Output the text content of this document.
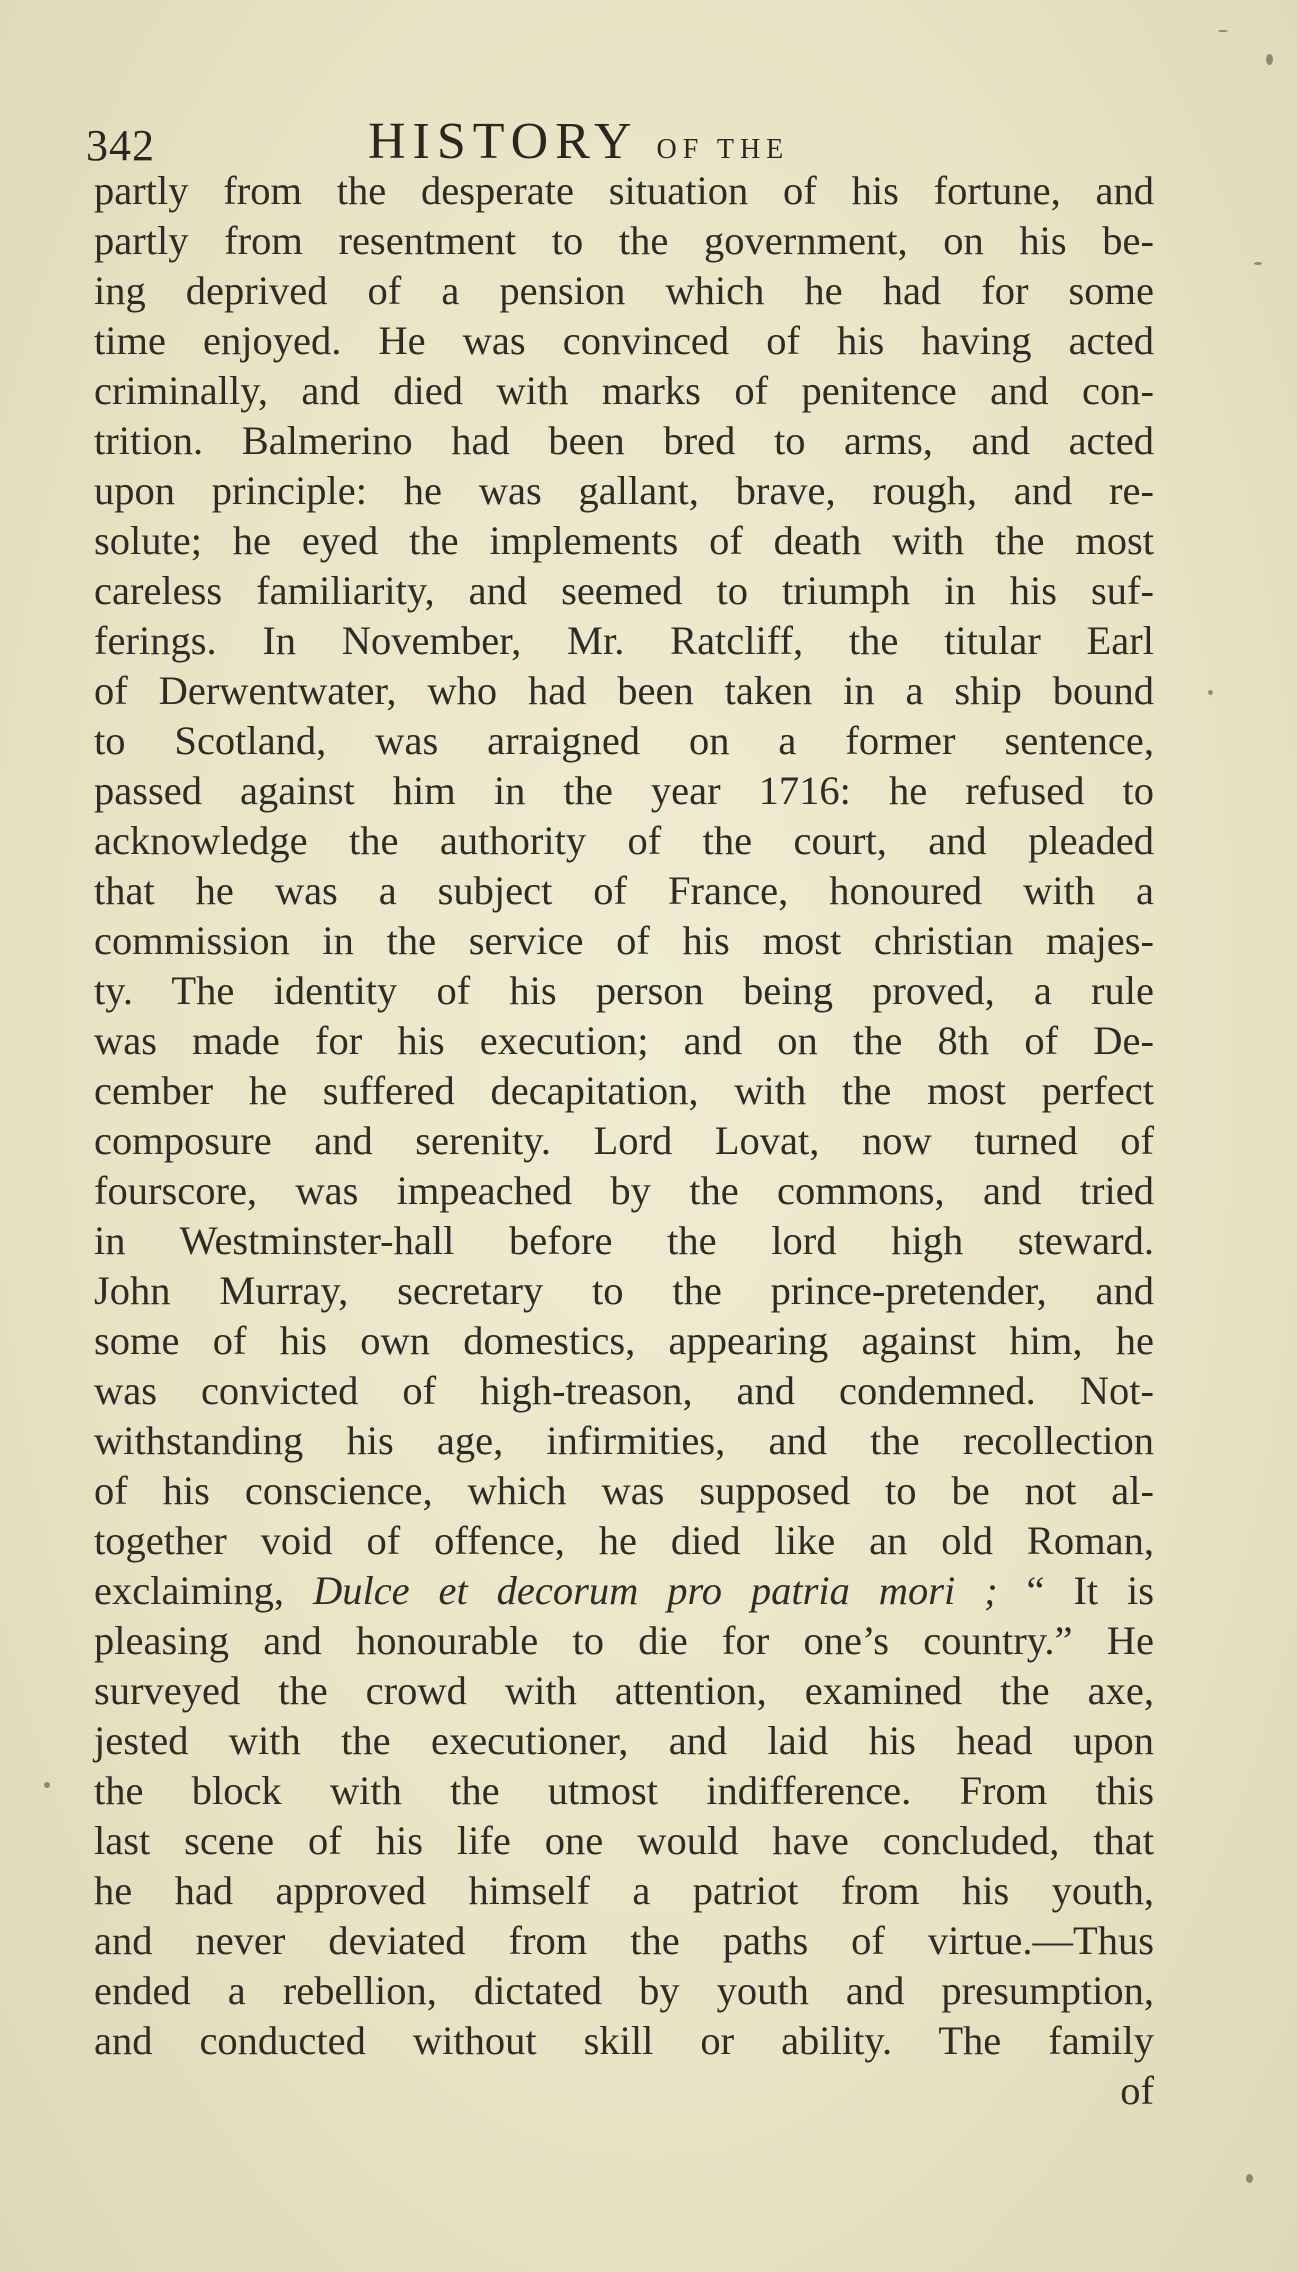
342	HISTORY OF THE
partly from the desperate situation of his fortune, and
partly from resentment to the government, on his be-
ing deprived of a pension which he had for some
time enjoyed. He was convinced of his having acted
criminally, and died with marks of penitence and con-
trition. Balmerino had been bred to arms, and acted
upon principle: he was gallant, brave, rough, and re-
solute; he eyed the implements of death with the most
careless familiarity, and seemed to triumph in his suf-
ferings. In November, Mr. Ratcliff, the titular Earl
of Derwentwater, who had been taken in a ship bound
to Scotland, was arraigned on a former sentence,
passed against him in the year 1716: he refused to
acknowledge the authority of the court, and pleaded
that he was a subject of France, honoured with a
commission in the service of his most christian majes-
ty. The identity of his person being proved, a rule
was made for his execution; and on the 8th of De-
cember he suffered decapitation, with the most perfect
composure and serenity. Lord Lovat, now turned of
fourscore, was impeached by the commons, and tried
in Westminster-hall before the lord high steward.
John Murray, secretary to the prince-pretender, and
some of his own domestics, appearing against him, he
was convicted of high-treason, and condemned. Not-
withstanding his age, infirmities, and the recollection
of his conscience, which was supposed to be not al-
together void of offence, he died like an old Roman,
exclaiming, Dulce et decorum pro patria mori ; “ It is
pleasing and honourable to die for one’s country.” He
surveyed the crowd with attention, examined the axe,
jested with the executioner, and laid his head upon
the block with the utmost indifference. From this
last scene of his life one would have concluded, that
he had approved himself a patriot from his youth,
and never deviated from the paths of virtue.—Thus
ended a rebellion, dictated by youth and presumption,
and conducted without skill or ability. The family
of
